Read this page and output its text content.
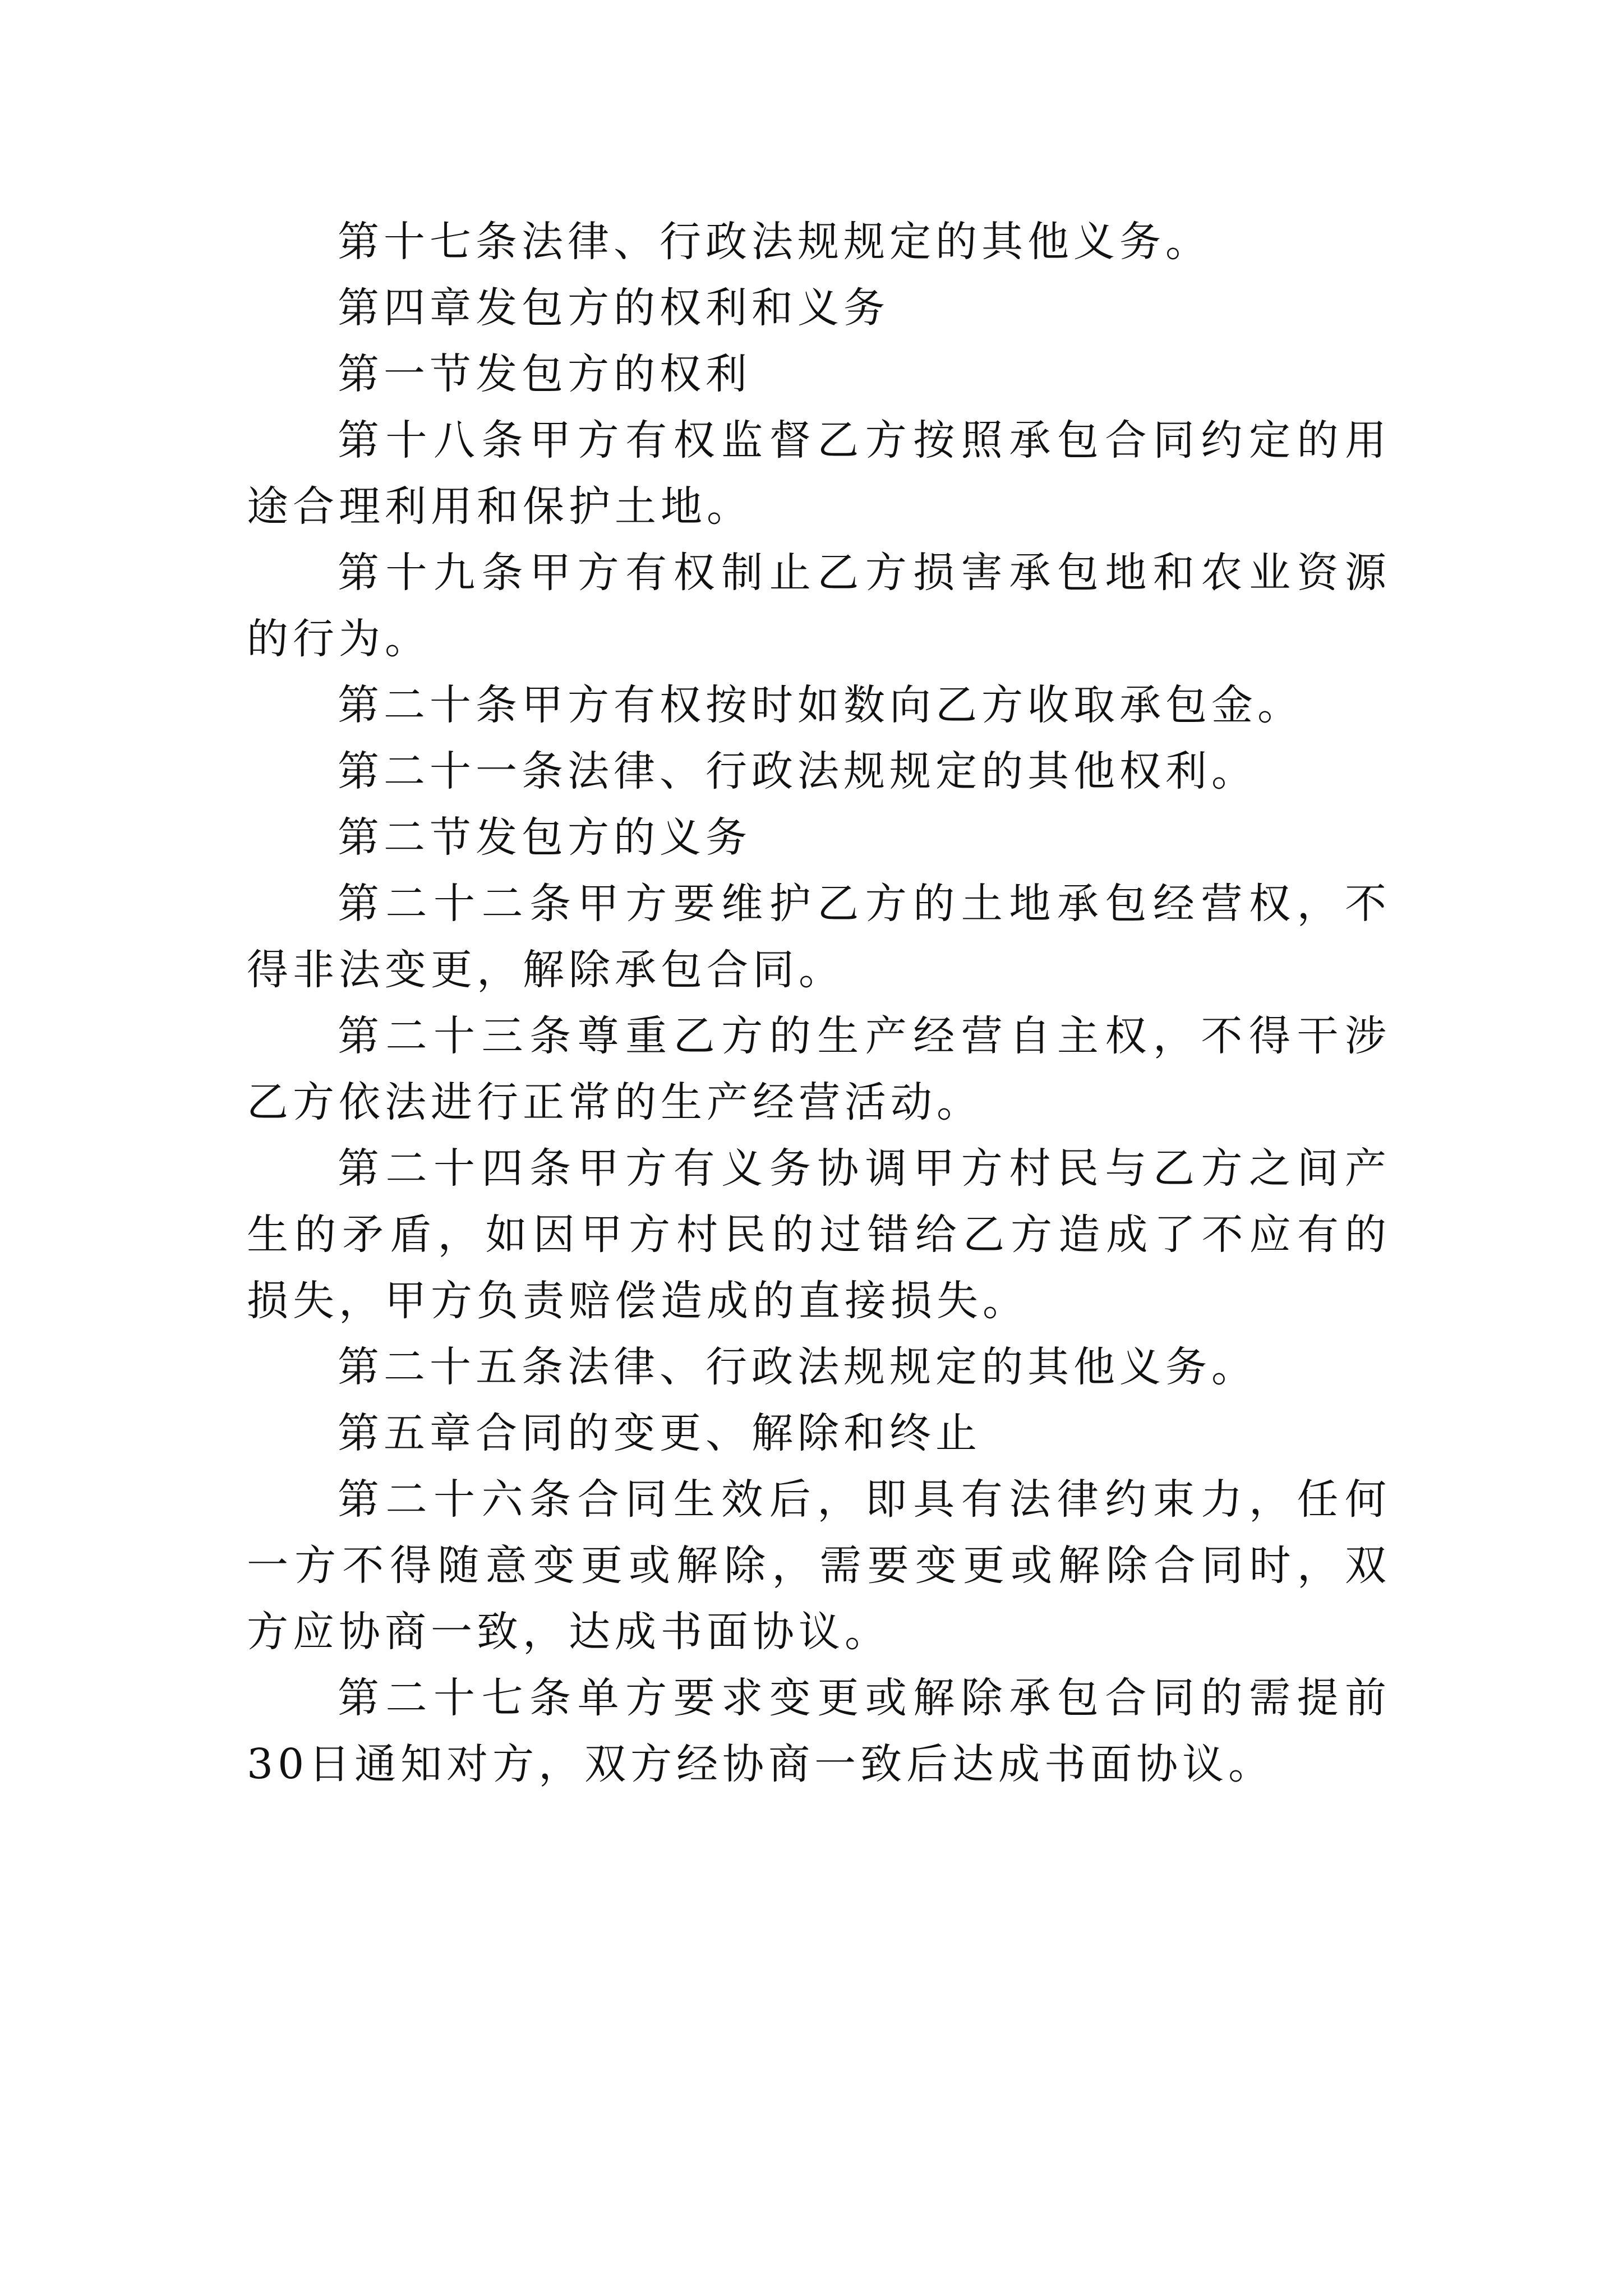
第十七条法律、行政法规规定的其他义务。

第四章发包方的权利和义务

第一节发包方的权利

第十八条甲方有权监督乙方按照承包合同约定的用途合理利用和保护土地。

第十九条甲方有权制止乙方损害承包地和农业资源的行为。

第二十条甲方有权按时如数向乙方收取承包金。

第二十一条法律、行政法规规定的其他权利。

第二节发包方的义务

第二十二条甲方要维护乙方的土地承包经营权，不得非法变更，解除承包合同。

第二十三条尊重乙方的生产经营自主权，不得干涉乙方依法进行正常的生产经营活动。

第二十四条甲方有义务协调甲方村民与乙方之间产生的矛盾，如因甲方村民的过错给乙方造成了不应有的损失，甲方负责赔偿造成的直接损失。

第二十五条法律、行政法规规定的其他义务。

第五章合同的变更、解除和终止

第二十六条合同生效后，即具有法律约束力，任何一方不得随意变更或解除，需要变更或解除合同时，双方应协商一致，达成书面协议。

第二十七条单方要求变更或解除承包合同的需提前30日通知对方，双方经协商一致后达成书面协议。
